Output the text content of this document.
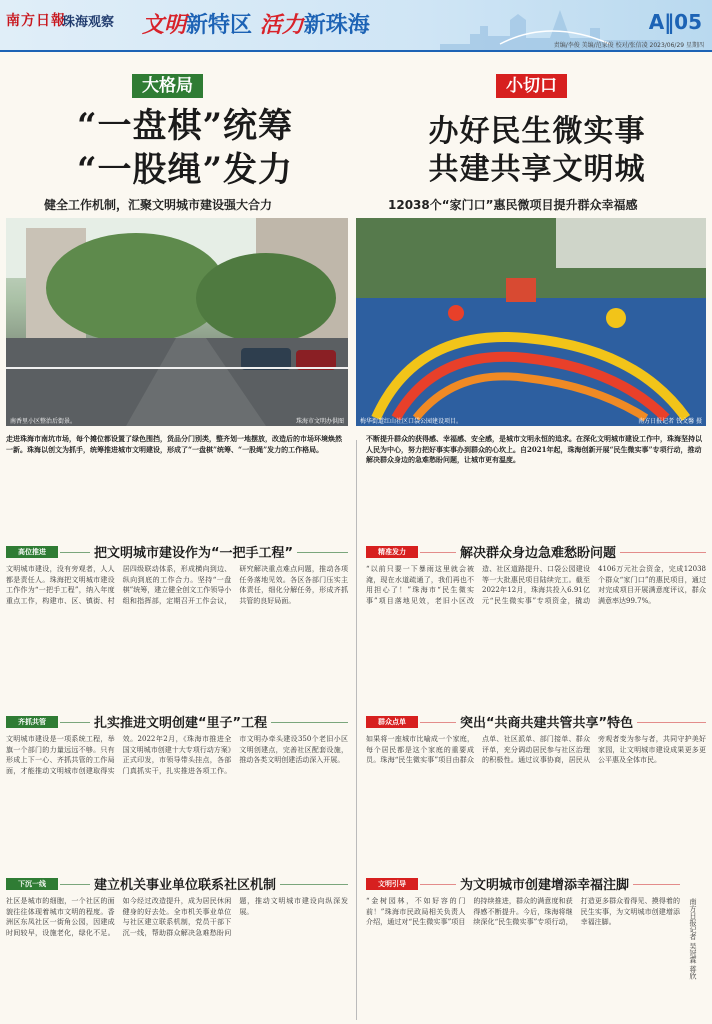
南方日報
珠海观察 文明新特区 活力新珠海	A‖05
责编/李俊 美编/范家俊 校对/张信凌 2023/06/29 星期四
大格局
“一盘棋”统筹
“一股绳”发力
健全工作机制，汇聚文明城市建设强大合力
小切口
办好民生微实事
共建共享文明城
12038个“家门口”惠民微项目提升群众幸福感
南香里小区整治后街景。	珠海市文明办供图	梅华街道红山社区口袋公园建设项目。	南方日报记者 钱文馨 摄
走进珠海市南坑市场，每个摊位都设置了绿色围挡，货品分门别类，整齐划一地摆放，改造后的市场环境焕然一新。珠海以创文为抓手，统筹推进城市文明建设，形成了“一盘棋”统筹、“一股绳”发力的工作格局。
不断提升群众的获得感、幸福感、安全感，是城市文明永恒的追求。在深化文明城市建设工作中，珠海坚持以人民为中心，努力把好事实事办到群众的心坎上。自2021年起，珠海创新开展“民生微实事”专项行动，推动解决群众身边的急难愁盼问题，让城市更有温度。
高位推进	把文明城市建设作为“一把手工程”
文明城市建设，没有旁观者，人人都是责任人。珠海把文明城市建设工作作为“一把手工程”，纳入年度重点工作，构建市、区、镇街、村居四级联动体系，形成横向到边、纵向到底的工作合力。坚持“一盘棋”统筹，建立健全创文工作领导小组和指挥部，定期召开工作会议，研究解决重点难点问题，推动各项任务落地见效。各区各部门压实主体责任，细化分解任务，形成齐抓共管的良好局面。
齐抓共管	扎实推进文明创建“里子”工程
文明城市建设是一项系统工程，举旗一个部门的力量远远不够。只有形成上下一心、齐抓共管的工作局面，才能推动文明城市创建取得实效。2022年2月，《珠海市推进全国文明城市创建十大专项行动方案》正式印发，市领导带头挂点，各部门真抓实干，扎实推进各项工作。市文明办牵头建设350个老旧小区文明创建点，完善社区配套设施，推动各类文明创建活动深入开展。
下沉一线	建立机关事业单位联系社区机制
社区是城市的细胞，一个社区的面貌往往体现着城市文明的程度。香洲区东凤社区一街角公园，因建成时间较早，设施老化，绿化不足。如今经过改造提升，成为居民休闲健身的好去处。全市机关事业单位与社区建立联系机制，党员干部下沉一线，帮助群众解决急难愁盼问题，推动文明城市建设向纵深发展。
精准发力	解决群众身边急难愁盼问题
“以前只要一下暴雨这里就会被淹，现在水道疏通了，我们再也不用担心了！”珠海市“民生微实事”项目落地见效，老旧小区改造、社区道路提升、口袋公园建设等一大批惠民项目陆续完工。截至2022年12月，珠海共投入6.91亿元“民生微实事”专项资金，撬动4106万元社会资金，完成12038个群众“家门口”的惠民项目，通过对完成项目开展满意度评议，群众满意率达99.7%。
群众点单	突出“共商共建共管共享”特色
如果将一座城市比喻成一个家庭，每个居民都是这个家庭的重要成员。珠海“民生微实事”项目由群众点单、社区派单、部门接单、群众评单，充分调动居民参与社区治理的积极性。通过议事协商，居民从旁观者变为参与者，共同守护美好家园，让文明城市建设成果更多更公平惠及全体市民。
文明引导	为文明城市创建增添幸福注脚
“金树园林，不如好容的门前！”珠海市民政局相关负责人介绍，通过对“民生微实事”项目的持续推进，群众的满意度和获得感不断提升。今后，珠海将继续深化“民生微实事”专项行动，打造更多群众看得见、摸得着的民生实事，为文明城市创建增添幸福注脚。	南方日报记者 吴冠霖 蒋欣
